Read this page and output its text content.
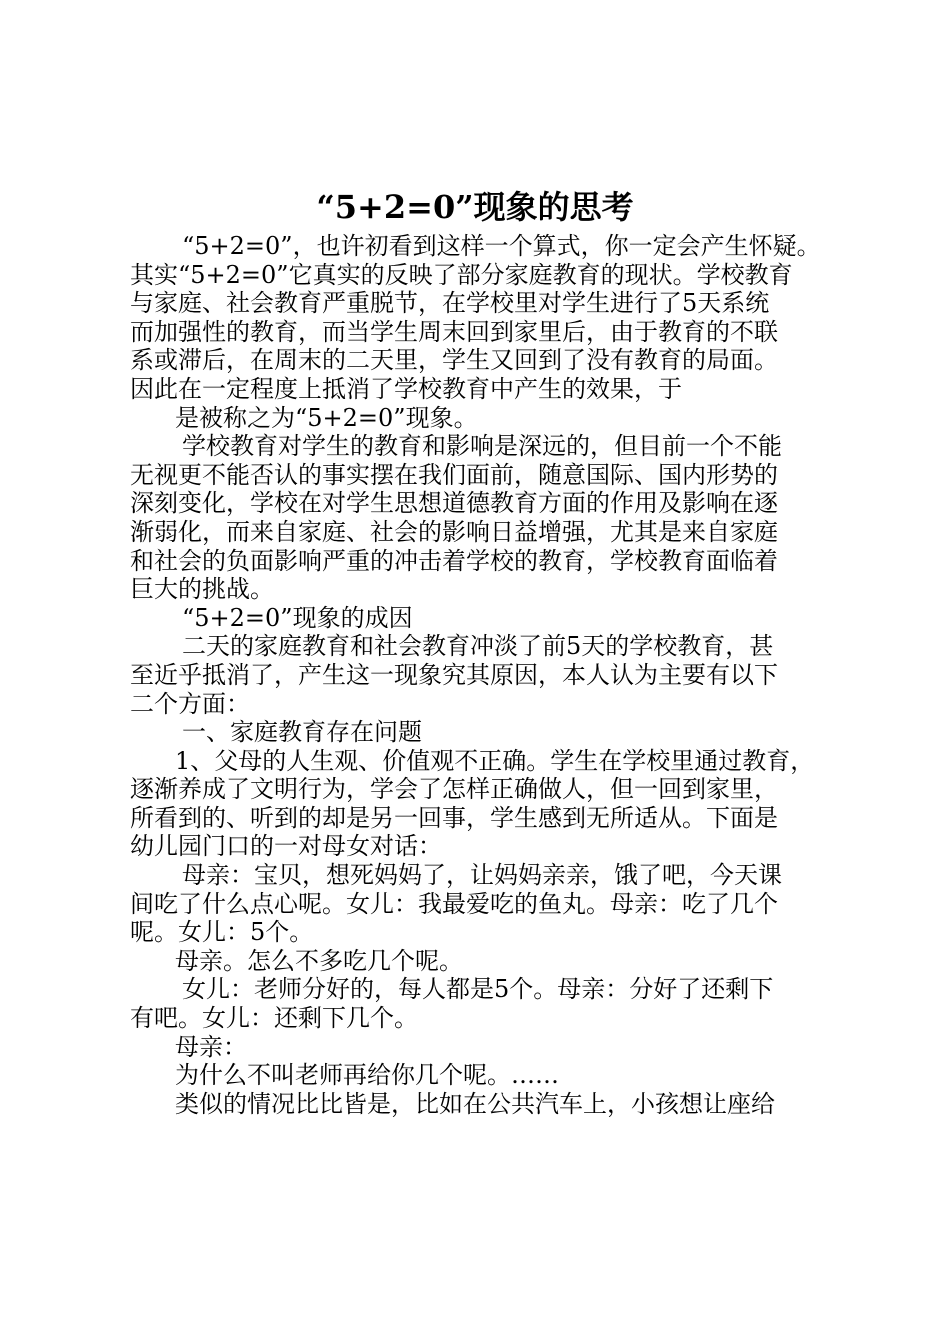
“5+2=0”现象的思考
“5+2=0”，也许初看到这样一个算式，你一定会产生怀疑。
其实“5+2=0”它真实的反映了部分家庭教育的现状。学校教育
与家庭、社会教育严重脱节，在学校里对学生进行了5天系统
而加强性的教育，而当学生周末回到家里后，由于教育的不联
系或滞后，在周末的二天里，学生又回到了没有教育的局面。
因此在一定程度上抵消了学校教育中产生的效果，于
是被称之为“5+2=0”现象。
学校教育对学生的教育和影响是深远的，但目前一个不能
无视更不能否认的事实摆在我们面前，随意国际、国内形势的
深刻变化，学校在对学生思想道德教育方面的作用及影响在逐
渐弱化，而来自家庭、社会的影响日益增强，尤其是来自家庭
和社会的负面影响严重的冲击着学校的教育，学校教育面临着
巨大的挑战。
“5+2=0”现象的成因
二天的家庭教育和社会教育冲淡了前5天的学校教育，甚
至近乎抵消了，产生这一现象究其原因，本人认为主要有以下
二个方面：
一、家庭教育存在问题
1、父母的人生观、价值观不正确。学生在学校里通过教育，
逐渐养成了文明行为，学会了怎样正确做人，但一回到家里，
所看到的、听到的却是另一回事，学生感到无所适从。下面是
幼儿园门口的一对母女对话：
母亲：宝贝，想死妈妈了，让妈妈亲亲，饿了吧，今天课
间吃了什么点心呢。女儿：我最爱吃的鱼丸。母亲：吃了几个
呢。女儿：5个。
母亲。怎么不多吃几个呢。
女儿：老师分好的，每人都是5个。母亲：分好了还剩下
有吧。女儿：还剩下几个。
母亲：
为什么不叫老师再给你几个呢。……
类似的情况比比皆是，比如在公共汽车上，小孩想让座给
